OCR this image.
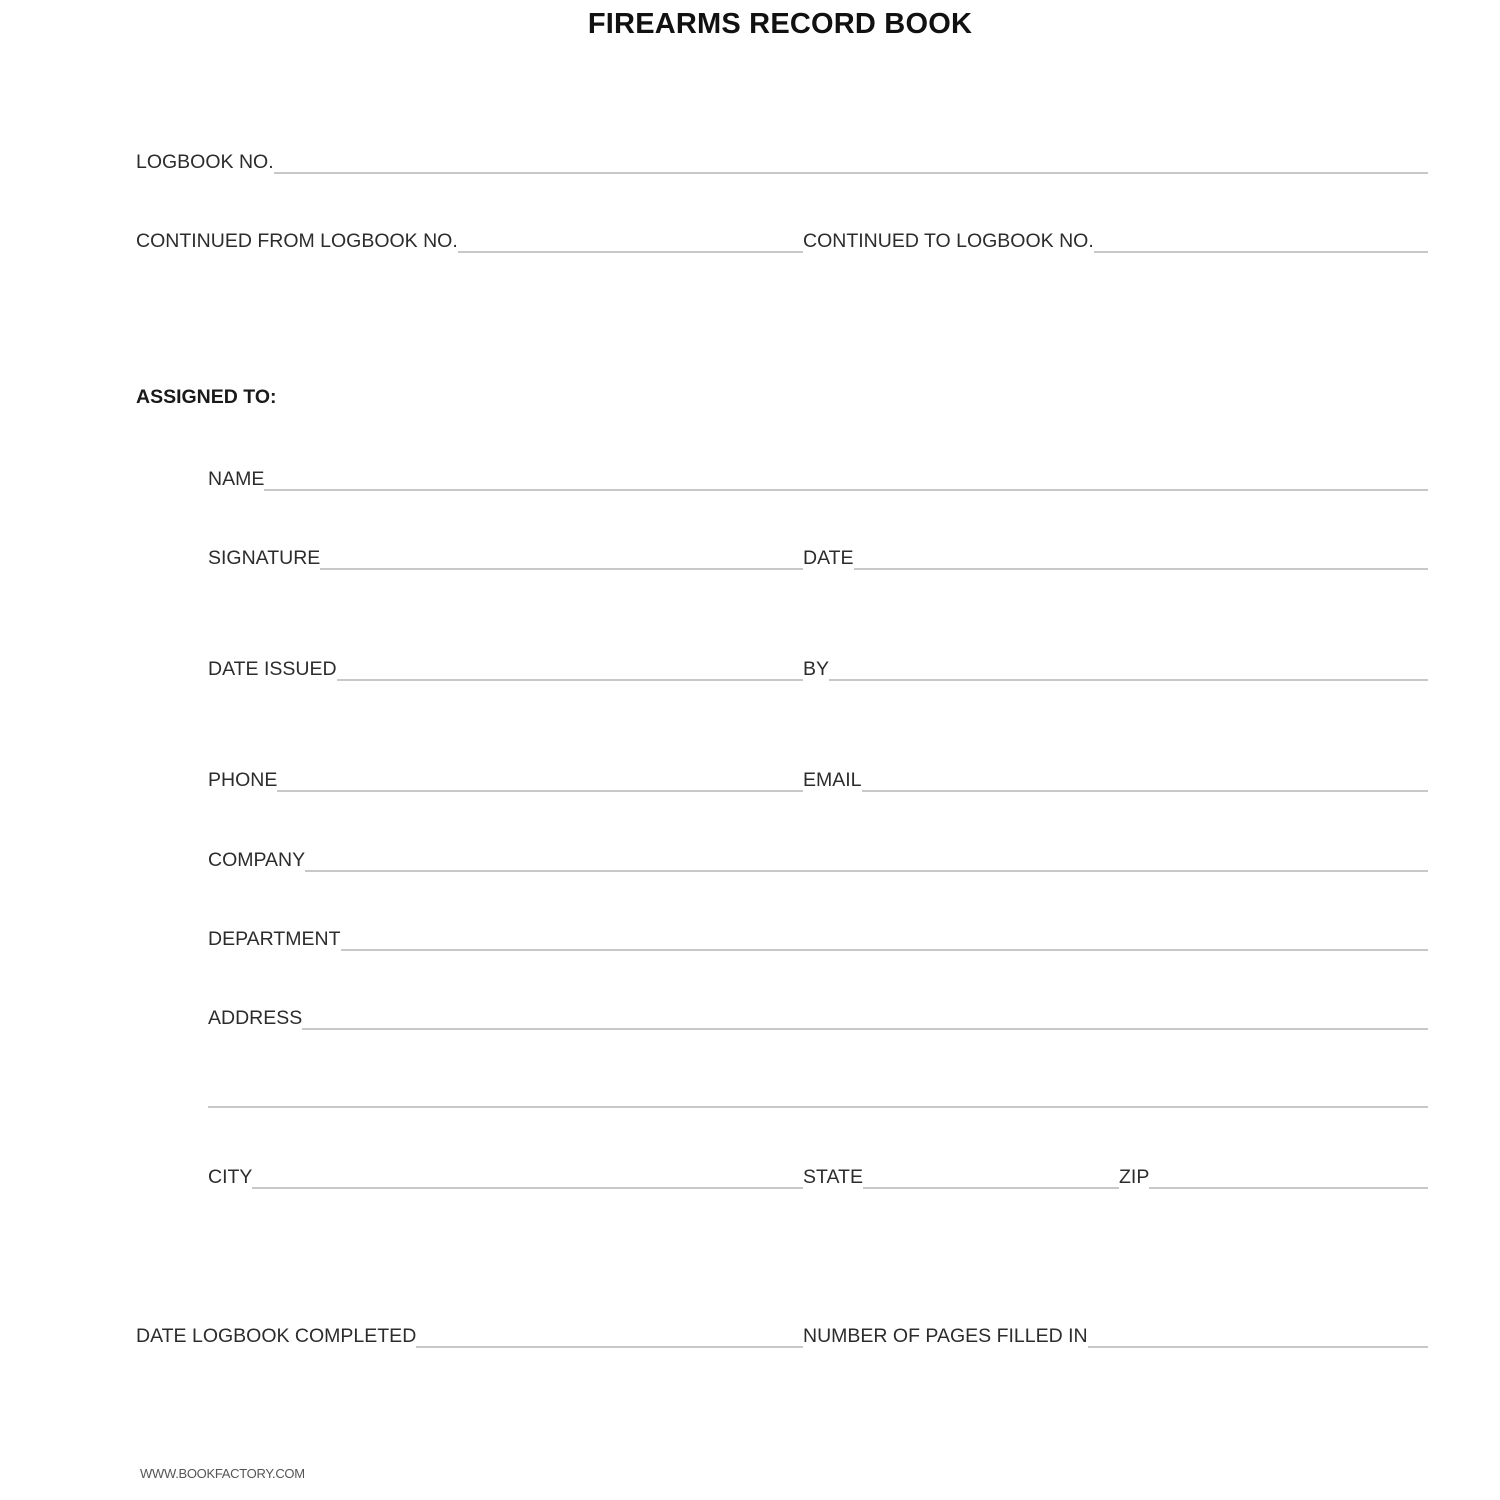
FIREARMS RECORD BOOK
LOGBOOK NO.
CONTINUED FROM LOGBOOK NO.	CONTINUED TO LOGBOOK NO.
ASSIGNED TO:
NAME
SIGNATURE	DATE
DATE ISSUED	BY
PHONE	EMAIL
COMPANY
DEPARTMENT
ADDRESS
CITY	STATE	ZIP
DATE LOGBOOK COMPLETED	NUMBER OF PAGES FILLED IN
WWW.BOOKFACTORY.COM
